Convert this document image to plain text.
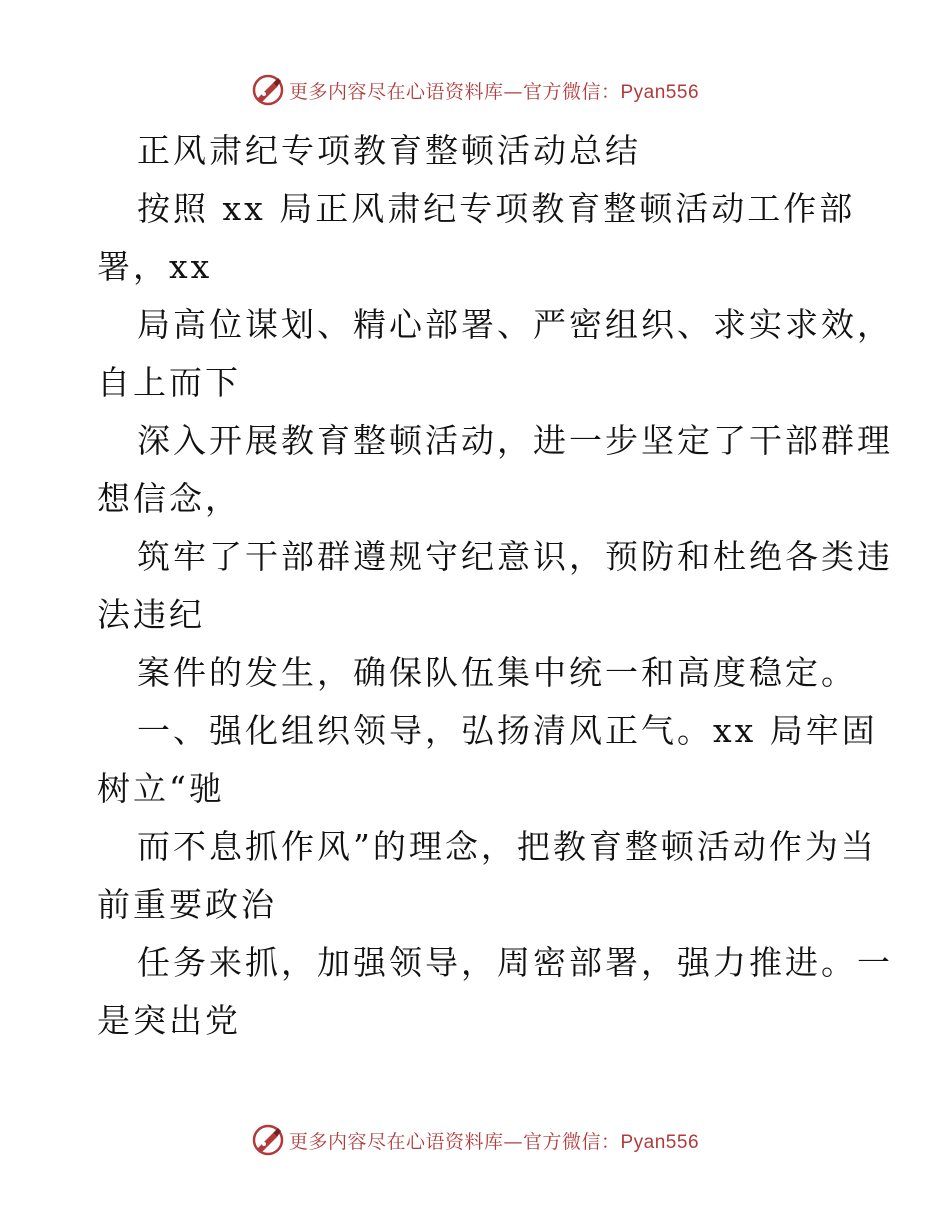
更多内容尽在心语资料库—官方微信：Pyan556
正风肃纪专项教育整顿活动总结
按照 xx 局正风肃纪专项教育整顿活动工作部
署，xx
局高位谋划、精心部署、严密组织、求实求效，
自上而下
深入开展教育整顿活动，进一步坚定了干部群理
想信念，
筑牢了干部群遵规守纪意识，预防和杜绝各类违
法违纪
案件的发生，确保队伍集中统一和高度稳定。
一、强化组织领导，弘扬清风正气。xx 局牢固
树立“驰
而不息抓作风”的理念，把教育整顿活动作为当
前重要政治
任务来抓，加强领导，周密部署，强力推进。一
是突出党
更多内容尽在心语资料库—官方微信：Pyan556
